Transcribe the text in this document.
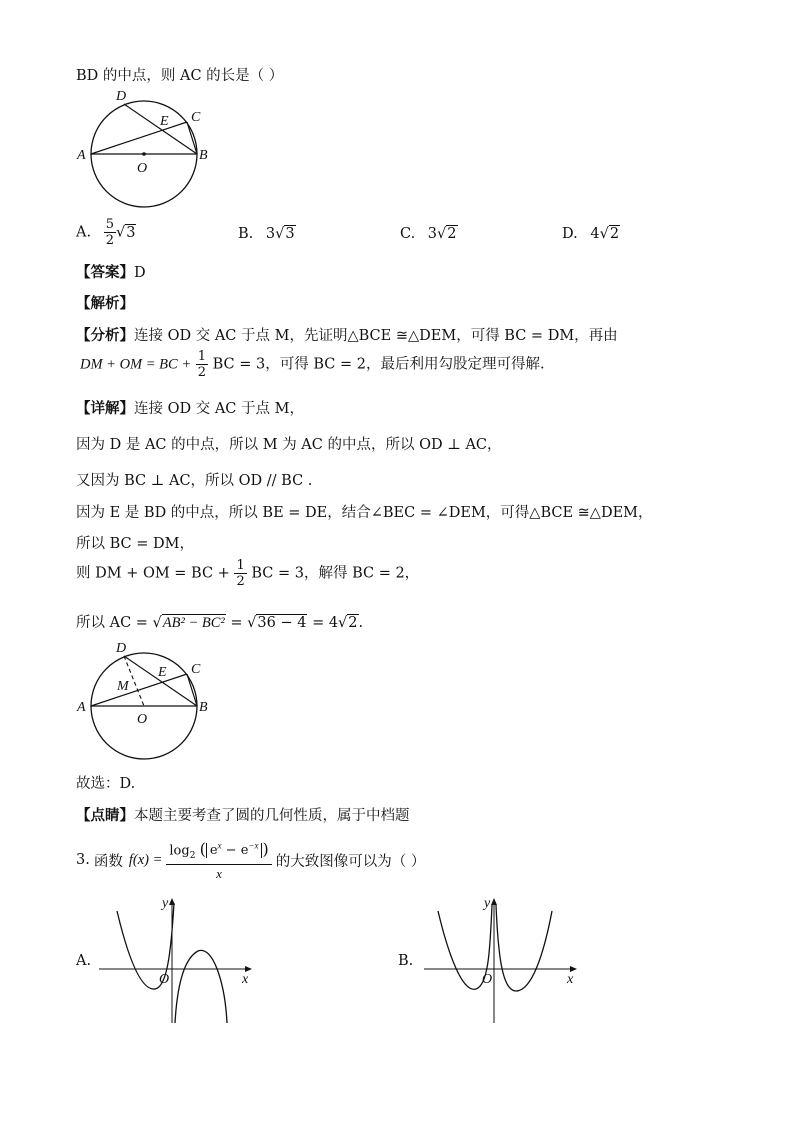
BD 的中点，则 AC 的长是（ ）
D
C
E
A	B
O
A. $\frac{5}{2} √3$	B. 3√3	C. 3√2	D. 4√2
【答案】D
【解析】
【分析】连接 OD 交 AC 于点 M，先证明△BCE ≅△DEM，可得 BC = DM，再由
DM + OM = BC + $\frac{1}{2}$ BC = 3，可得 BC = 2，最后利用勾股定理可得解.
【详解】连接 OD 交 AC 于点 M，
因为 D 是 AC 的中点，所以 M 为 AC 的中点，所以 OD ⊥ AC，
又因为 BC ⊥ AC，所以 OD // BC .
因为 E 是 BD 的中点，所以 BE = DE，结合∠BEC = ∠DEM，可得△BCE ≅△DEM，
所以 BC = DM，
则 DM + OM = BC + $\frac{1}{2}$ BC = 3，解得 BC = 2，
所以 AC = √AB² − BC² = √36 − 4 = 4√2.
D
C
E
M
A	B
O
故选：D.
【点睛】本题主要考查了圆的几何性质，属于中档题
3. 函数 $f(x) = \frac{\log_2 ( e^x - e^{-x} )}{x}$ 的大致图像可以为（ ）
A.
x
y
O
B.
x
y
O
